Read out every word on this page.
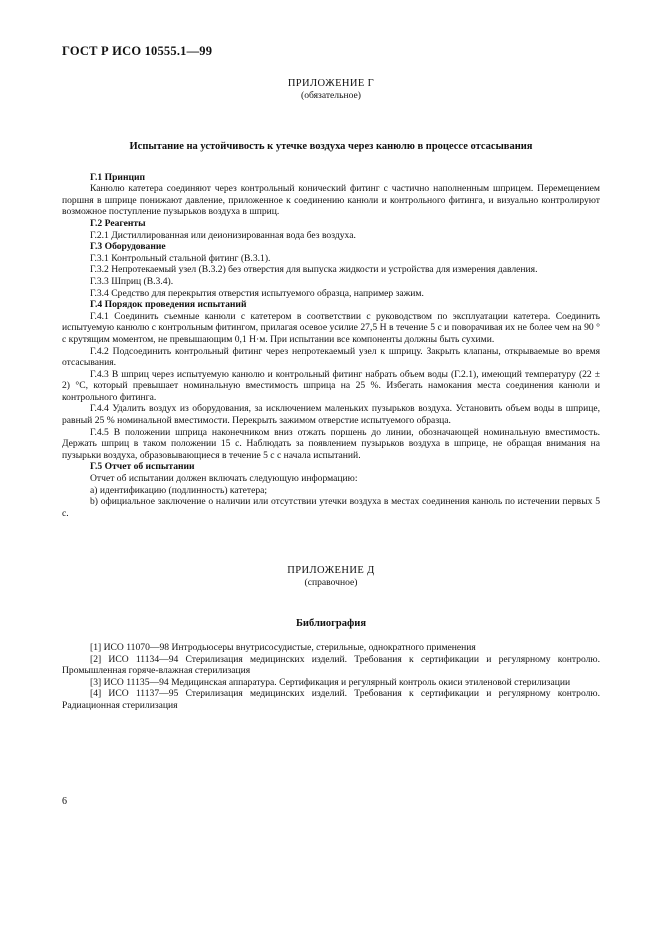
ГОСТ Р ИСО 10555.1—99
ПРИЛОЖЕНИЕ Г
(обязательное)
Испытание на устойчивость к утечке воздуха через канюлю в процессе отсасывания
Г.1 Принцип

Канюлю катетера соединяют через контрольный конический фитинг с частично наполненным шприцем. Перемещением поршня в шприце понижают давление, приложенное к соединению канюли и контрольного фитинга, и визуально контролируют возможное поступление пузырьков воздуха в шприц.

Г.2 Реагенты

Г.2.1 Дистиллированная или деионизированная вода без воздуха.

Г.3 Оборудование

Г.3.1 Контрольный стальной фитинг (В.3.1).

Г.3.2 Непротекаемый узел (В.3.2) без отверстия для выпуска жидкости и устройства для измерения давления.

Г.3.3 Шприц (В.3.4).

Г.3.4 Средство для перекрытия отверстия испытуемого образца, например зажим.

Г.4 Порядок проведения испытаний

Г.4.1 Соединить съемные канюли с катетером в соответствии с руководством по эксплуатации катетера. Соединить испытуемую канюлю с контрольным фитингом, прилагая осевое усилие 27,5 Н в течение 5 с и поворачивая их не более чем на 90 ° с крутящим моментом, не превышающим 0,1 Н·м. При испытании все компоненты должны быть сухими.

Г.4.2 Подсоединить контрольный фитинг через непротекаемый узел к шприцу. Закрыть клапаны, открываемые во время отсасывания.

Г.4.3 В шприц через испытуемую канюлю и контрольный фитинг набрать объем воды (Г.2.1), имеющий температуру (22 ± 2) °С, который превышает номинальную вместимость шприца на 25 %. Избегать намокания места соединения канюли и контрольного фитинга.

Г.4.4 Удалить воздух из оборудования, за исключением маленьких пузырьков воздуха. Установить объем воды в шприце, равный 25 % номинальной вместимости. Перекрыть зажимом отверстие испытуемого образца.

Г.4.5 В положении шприца наконечником вниз отжать поршень до линии, обозначающей номинальную вместимость. Держать шприц в таком положении 15 с. Наблюдать за появлением пузырьков воздуха в шприце, не обращая внимания на пузырьки воздуха, образовывающиеся в течение 5 с с начала испытаний.

Г.5 Отчет об испытании

Отчет об испытании должен включать следующую информацию:

a) идентификацию (подлинность) катетера;

b) официальное заключение о наличии или отсутствии утечки воздуха в местах соединения канюль по истечении первых 5 с.

ПРИЛОЖЕНИЕ Д
(справочное)
Библиография

[1] ИСО 11070—98 Интродьюсеры внутрисосудистые, стерильные, однократного применения

[2] ИСО 11134—94 Стерилизация медицинских изделий. Требования к сертификации и регулярному контролю. Промышленная горяче-влажная стерилизация

[3] ИСО 11135—94 Медицинская аппаратура. Сертификация и регулярный контроль окиси этиленовой стерилизации

[4] ИСО 11137—95 Стерилизация медицинских изделий. Требования к сертификации и регулярному контролю. Радиационная стерилизация

6
